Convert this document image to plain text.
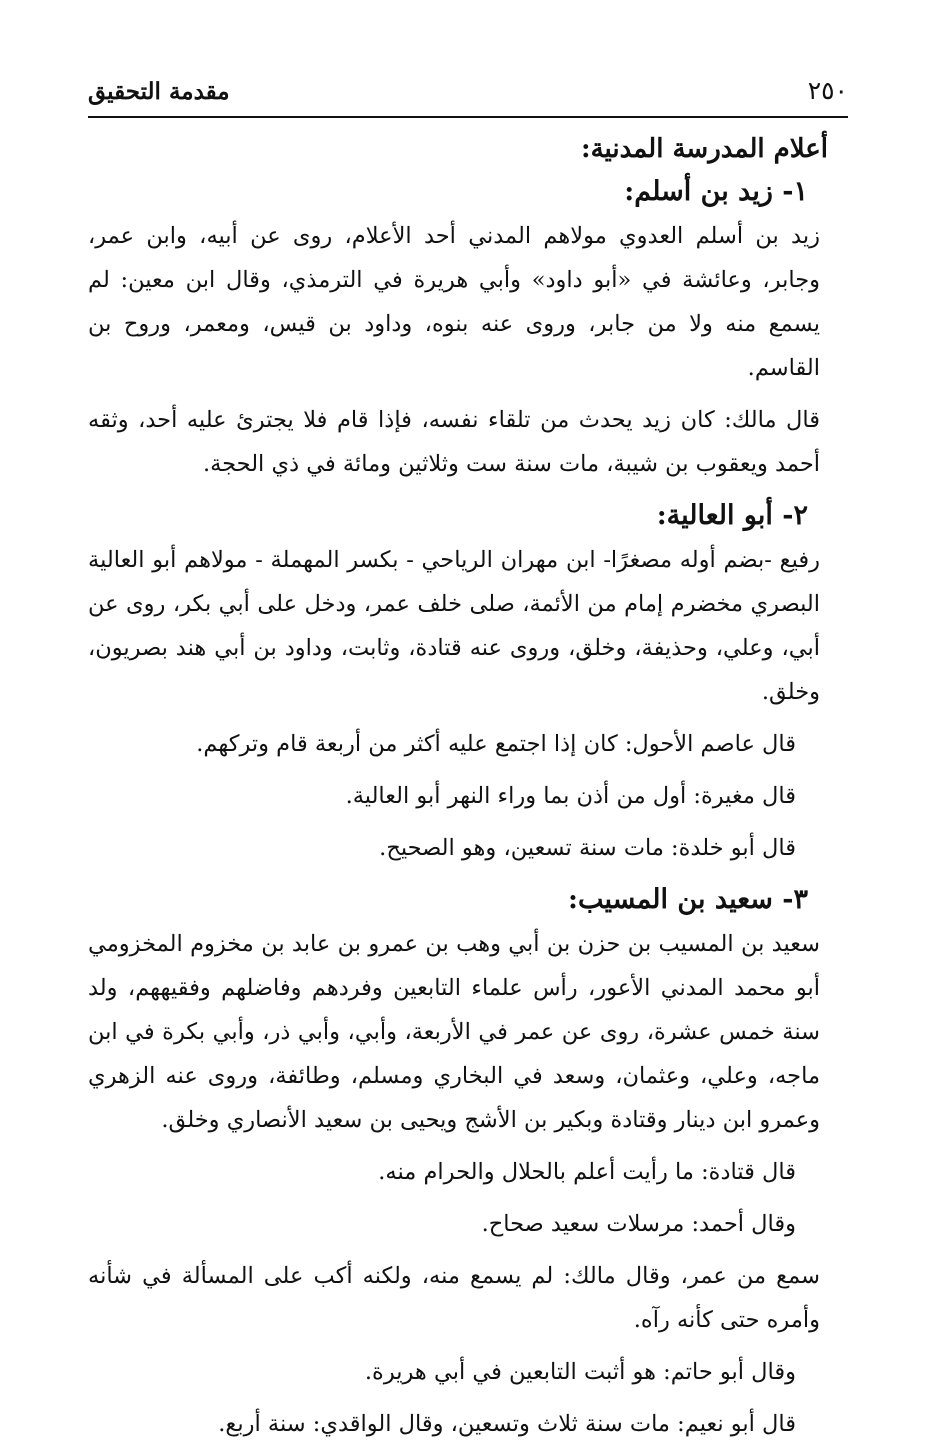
٢٥٠
مقدمة التحقيق
أعلام المدرسة المدنية:
١- زيد بن أسلم:

زيد بن أسلم العدوي مولاهم المدني أحد الأعلام، روى عن أبيه، وابن عمر، وجابر، وعائشة في «أبو داود» وأبي هريرة في الترمذي، وقال ابن معين: لم يسمع منه ولا من جابر، وروى عنه بنوه، وداود بن قيس، ومعمر، وروح بن القاسم.

قال مالك: كان زيد يحدث من تلقاء نفسه، فإذا قام فلا يجترئ عليه أحد، وثقه أحمد ويعقوب بن شيبة، مات سنة ست وثلاثين ومائة في ذي الحجة.

٢- أبو العالية:

رفيع -بضم أوله مصغرًا- ابن مهران الرياحي - بكسر المهملة - مولاهم أبو العالية البصري مخضرم إمام من الأئمة، صلى خلف عمر، ودخل على أبي بكر، روى عن أبي، وعلي، وحذيفة، وخلق، وروى عنه قتادة، وثابت، وداود بن أبي هند بصريون، وخلق.

قال عاصم الأحول: كان إذا اجتمع عليه أكثر من أربعة قام وتركهم.

قال مغيرة: أول من أذن بما وراء النهر أبو العالية.

قال أبو خلدة: مات سنة تسعين، وهو الصحيح.

٣- سعيد بن المسيب:

سعيد بن المسيب بن حزن بن أبي وهب بن عمرو بن عابد بن مخزوم المخزومي أبو محمد المدني الأعور، رأس علماء التابعين وفردهم وفاضلهم وفقيههم، ولد سنة خمس عشرة، روى عن عمر في الأربعة، وأبي، وأبي ذر، وأبي بكرة في ابن ماجه، وعلي، وعثمان، وسعد في البخاري ومسلم، وطائفة، وروى عنه الزهري وعمرو ابن دينار وقتادة وبكير بن الأشج ويحيى بن سعيد الأنصاري وخلق.

قال قتادة: ما رأيت أعلم بالحلال والحرام منه.

وقال أحمد: مرسلات سعيد صحاح.

سمع من عمر، وقال مالك: لم يسمع منه، ولكنه أكب على المسألة في شأنه وأمره حتى كأنه رآه.

وقال أبو حاتم: هو أثبت التابعين في أبي هريرة.

قال أبو نعيم: مات سنة ثلاث وتسعين، وقال الواقدي: سنة أربع.
